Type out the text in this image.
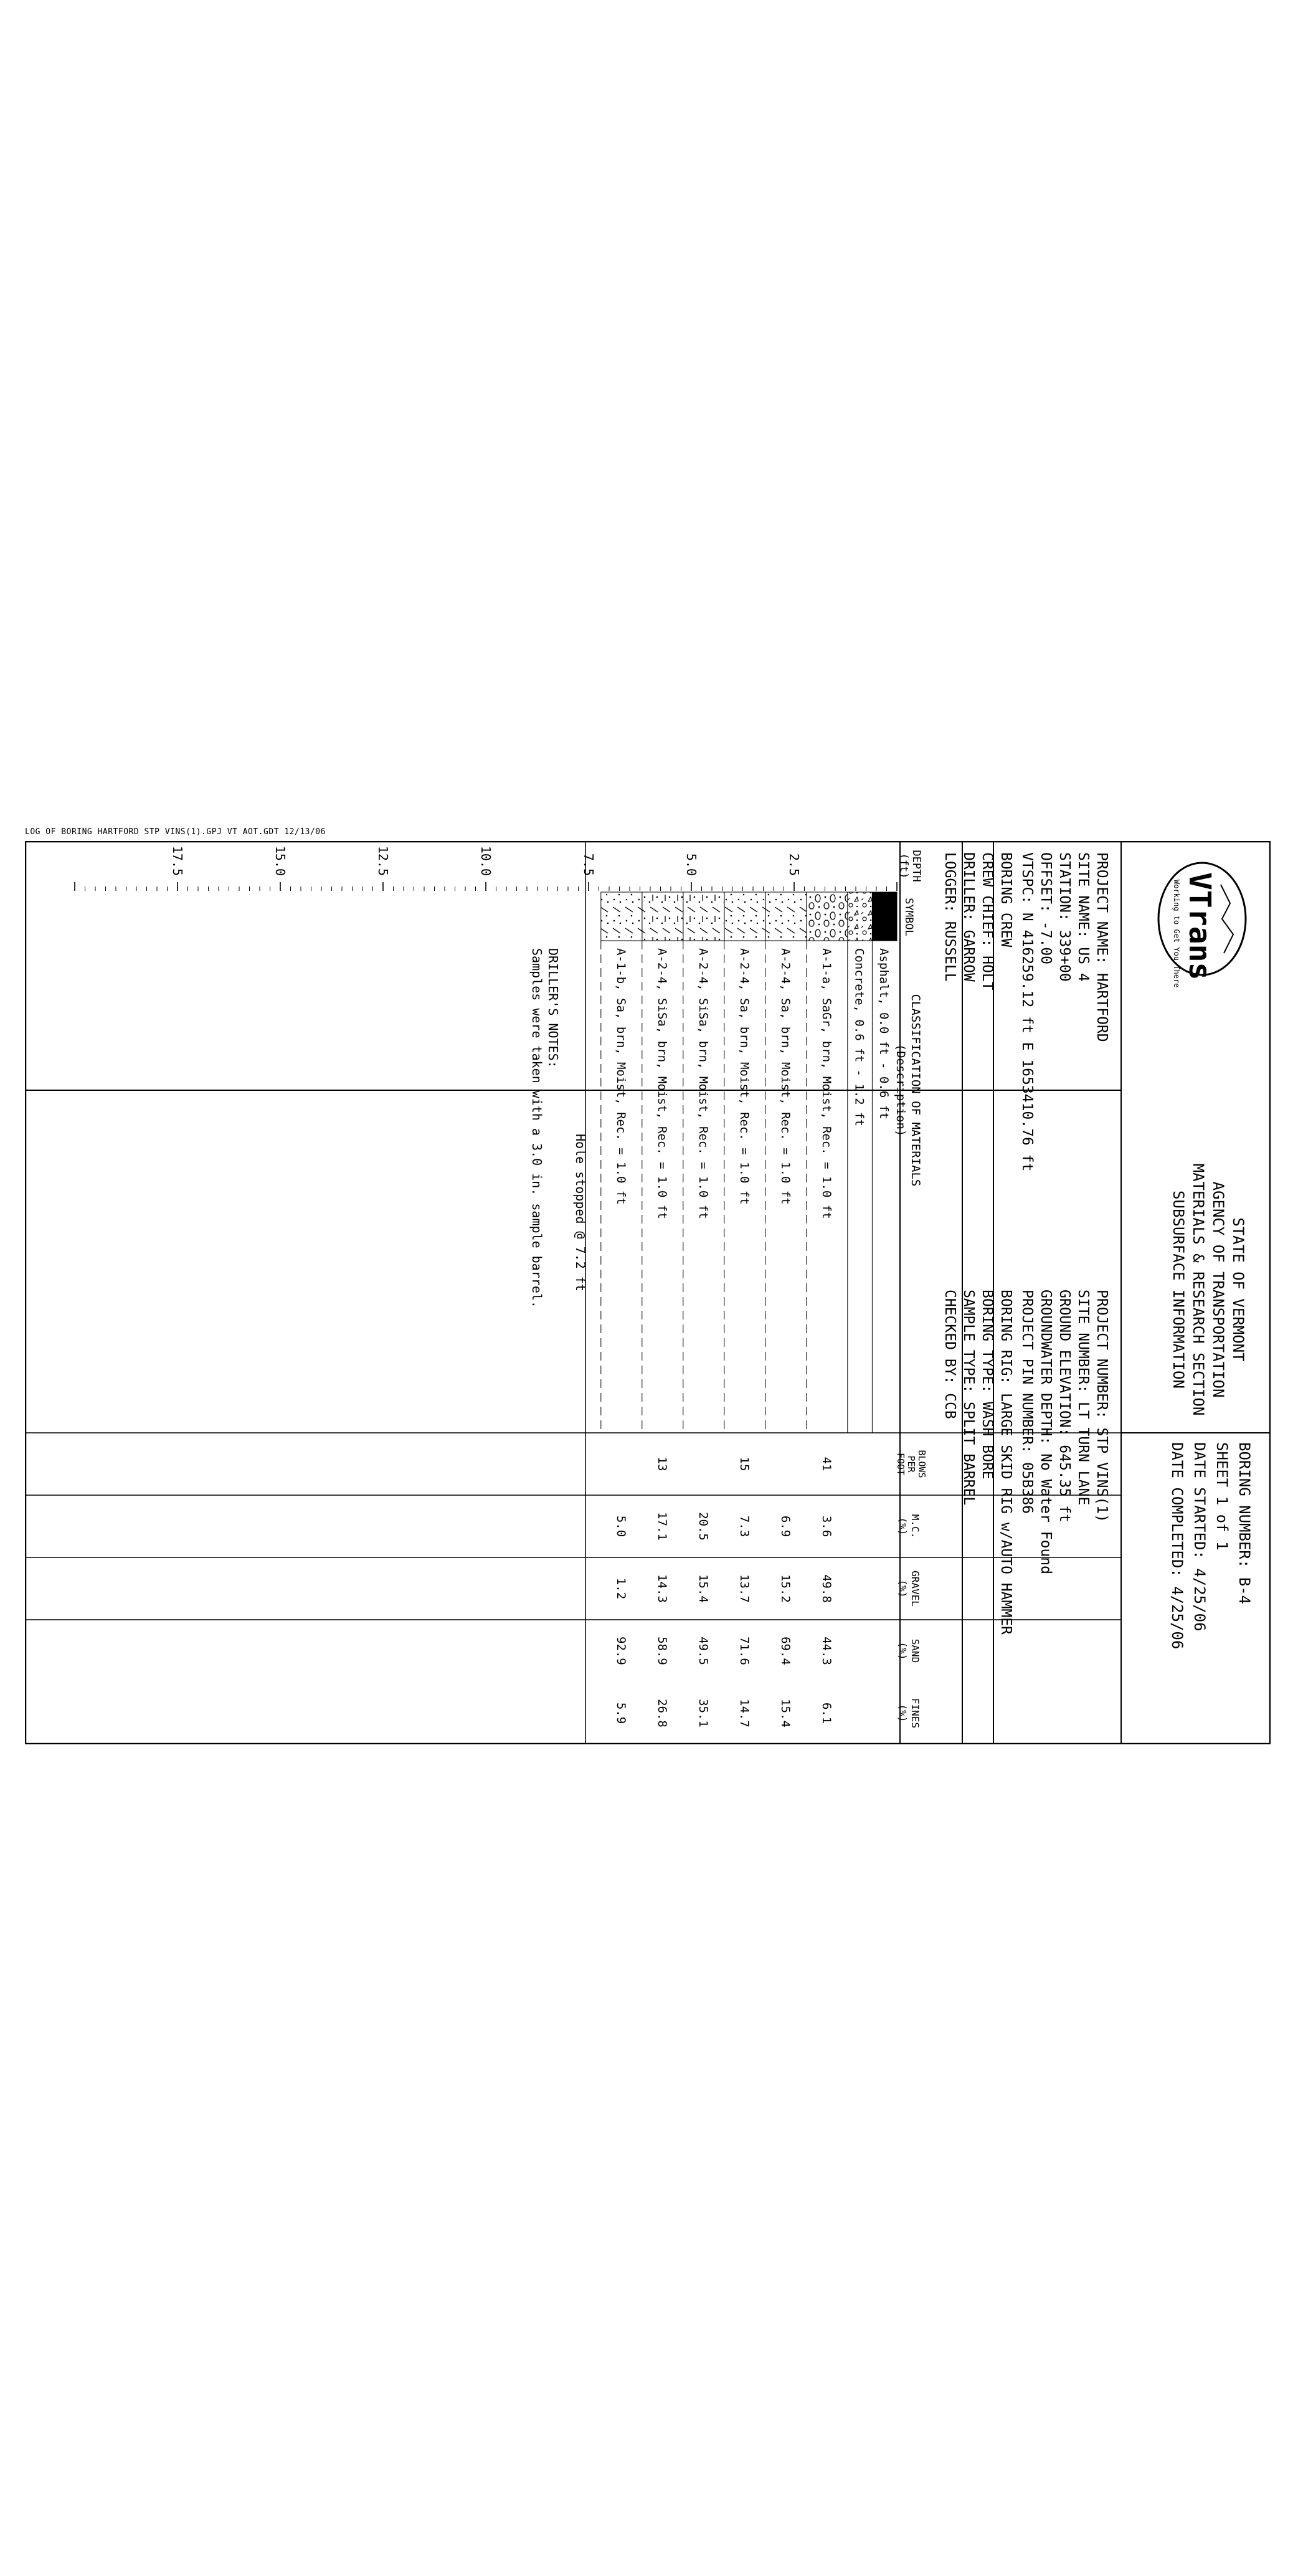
LOG OF BORING HARTFORD STP VINS(1).GPJ VT AOT.GDT 12/13/06
VTrans
Working to Get You There
STATE OF VERMONT
AGENCY OF TRANSPORTATION
MATERIALS & RESEARCH SECTION
SUBSURFACE INFORMATION
BORING NUMBER: B-4
SHEET 1 of 1
DATE STARTED: 4/25/06
DATE COMPLETED: 4/25/06
PROJECT NAME: HARTFORD
SITE NAME: US 4
STATION: 339+00
OFFSET: -7.00
VTSPC: N 416259.12 ft E 1653410.76 ft
BORING CREW
CREW CHIEF: HOLT
DRILLER: GARROW
LOGGER: RUSSELL
PROJECT NUMBER: STP VINS(1)
SITE NUMBER: LT TURN LANE
GROUND ELEVATION: 645.35 ft
GROUNDWATER DEPTH: No Water Found
PROJECT PIN NUMBER: 05B386
BORING RIG: LARGE SKID RIG w/AUTO HAMMER
BORING TYPE: WASH BORE
SAMPLE TYPE: SPLIT BARREL
CHECKED BY: CCB
DEPTH
(ft)
SYMBOL
CLASSIFICATION OF MATERIALS
(Description)
BLOWS
PER
FOOT
M.C.
(%)
GRAVEL
(%)
SAND
(%)
FINES
(%)
2.5
5.0
7.5
10.0
12.5
15.0
17.5
Asphalt, 0.0 ft - 0.6 ft
Concrete, 0.6 ft - 1.2 ft
A-1-a, SaGr, brn, Moist, Rec. = 1.0 ft
41
3.6
49.8
44.3
6.1
A-2-4, Sa, brn, Moist, Rec. = 1.0 ft
6.9
15.2
69.4
15.4
A-2-4, Sa, brn, Moist, Rec. = 1.0 ft
15
7.3
13.7
71.6
14.7
A-2-4, SiSa, brn, Moist, Rec. = 1.0 ft
20.5
15.4
49.5
35.1
A-2-4, SiSa, brn, Moist, Rec. = 1.0 ft
13
17.1
14.3
58.9
26.8
A-1-b, Sa, brn, Moist, Rec. = 1.0 ft
5.0
1.2
92.9
5.9
Hole stopped @ 7.2 ft
DRILLER'S NOTES:
Samples were taken with a 3.0 in. sample barrel.
